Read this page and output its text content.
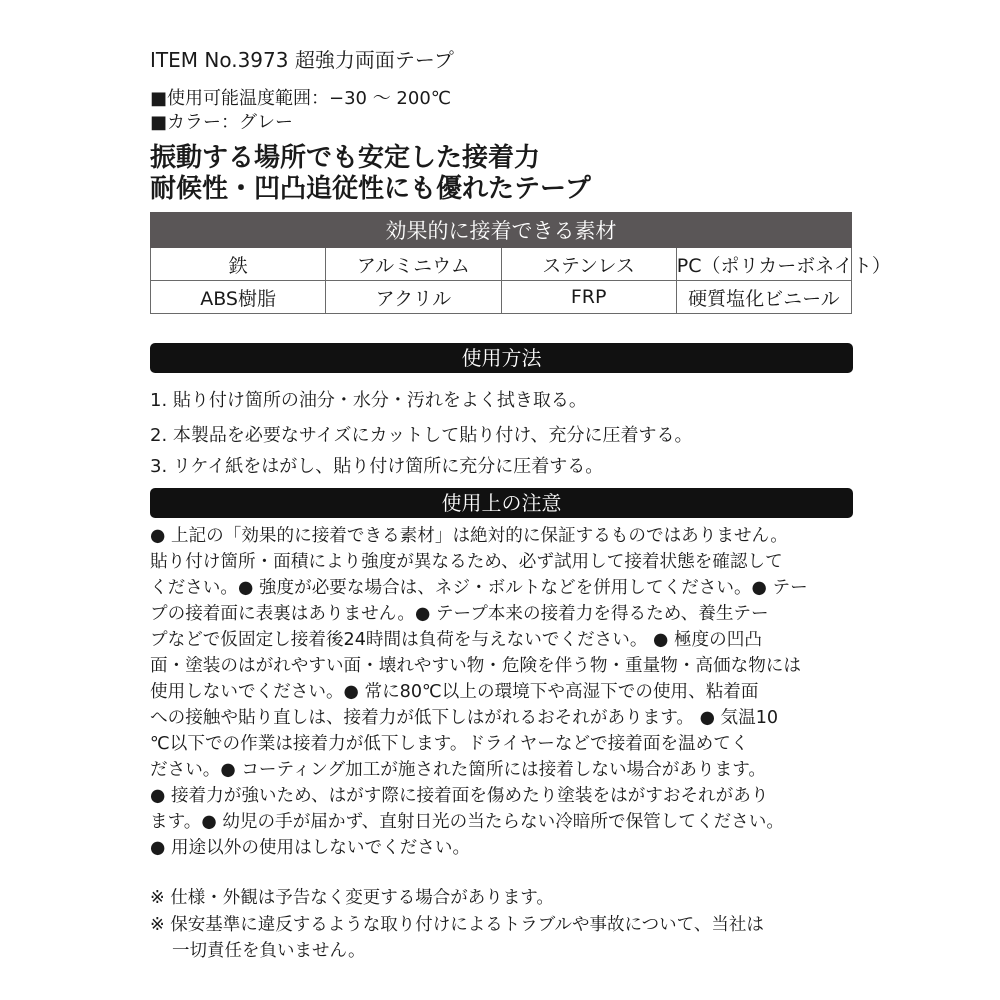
ITEM No.3973 超強力両面テープ
■使用可能温度範囲：−30 〜 200℃
■カラー：グレー
振動する場所でも安定した接着力
耐候性・凹凸追従性にも優れたテープ
効果的に接着できる素材			
鉄	アルミニウム	ステンレス	PC（ポリカーボネイト）
ABS樹脂	アクリル	FRP	硬質塩化ビニール
使用方法
1. 貼り付け箇所の油分・水分・汚れをよく拭き取る。
2. 本製品を必要なサイズにカットして貼り付け、充分に圧着する。
3. リケイ紙をはがし、貼り付け箇所に充分に圧着する。
使用上の注意
● 上記の「効果的に接着できる素材」は絶対的に保証するものではありません。
貼り付け箇所・面積により強度が異なるため、必ず試用して接着状態を確認して
ください。● 強度が必要な場合は、ネジ・ボルトなどを併用してください。● テー
プの接着面に表裏はありません。● テープ本来の接着力を得るため、養生テー
プなどで仮固定し接着後24時間は負荷を与えないでください。 ● 極度の凹凸
面・塗装のはがれやすい面・壊れやすい物・危険を伴う物・重量物・高価な物には
使用しないでください。● 常に80℃以上の環境下や高湿下での使用、粘着面
への接触や貼り直しは、接着力が低下しはがれるおそれがあります。 ● 気温10
℃以下での作業は接着力が低下します。ドライヤーなどで接着面を温めてく
ださい。● コーティング加工が施された箇所には接着しない場合があります。
● 接着力が強いため、はがす際に接着面を傷めたり塗装をはがすおそれがあり
ます。● 幼児の手が届かず、直射日光の当たらない冷暗所で保管してください。
● 用途以外の使用はしないでください。
※ 仕様・外観は予告なく変更する場合があります。
※ 保安基準に違反するような取り付けによるトラブルや事故について、当社は
一切責任を負いません。
